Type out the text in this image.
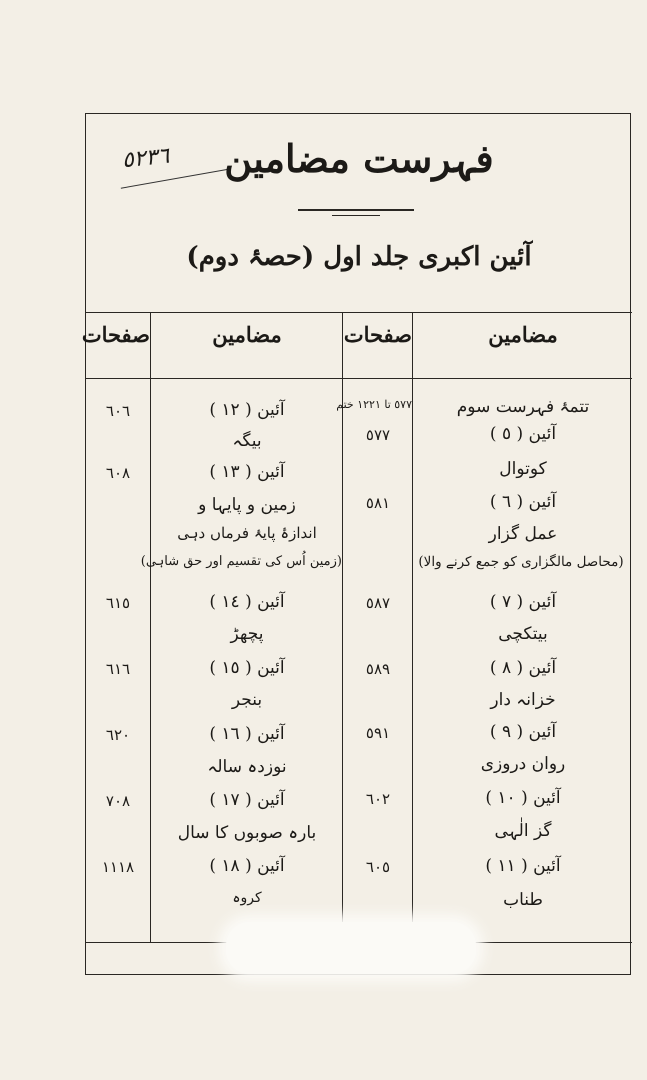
٥٢٣٦	فہرست مضامین
آئین اکبری جلد اول (حصۂ دوم)
مضامین
صفحات
مضامین
صفحات
تتمۂ فہرست سوم
آئین ( ٥ )
کوتوال
آئین ( ٦ )
عمل گزار
(محاصل مالگزاری کو جمع کرنے والا)
آئین ( ٧ )
بیتکچی
آئین ( ٨ )
خزانہ دار
آئین ( ٩ )
روان دروزی
آئین ( ١٠ )
گز الٰہی
آئین ( ١١ )
طناب
٥٧٧ تا ١٢٢١ ختم
٥٧٧
٥٨١
٥٨٧
٥٨٩
٥٩١
٦٠٢
٦٠٥
آئین ( ١٢ )
بیگہ
آئین ( ١٣ )
زمین و پایہا و
اندازۂ پایۂ فرماں دہی
(زمین اُس کی تقسیم اور حق شاہی)
آئین ( ١٤ )
پچھڑ
آئین ( ١٥ )
بنجر
آئین ( ١٦ )
نوزدہ سالہ
آئین ( ١٧ )
بارہ صوبوں کا سال
آئین ( ١٨ )
کروہ
٦٠٦
٦٠٨
٦١٥
٦١٦
٦٢٠
٧٠٨
١١١٨
